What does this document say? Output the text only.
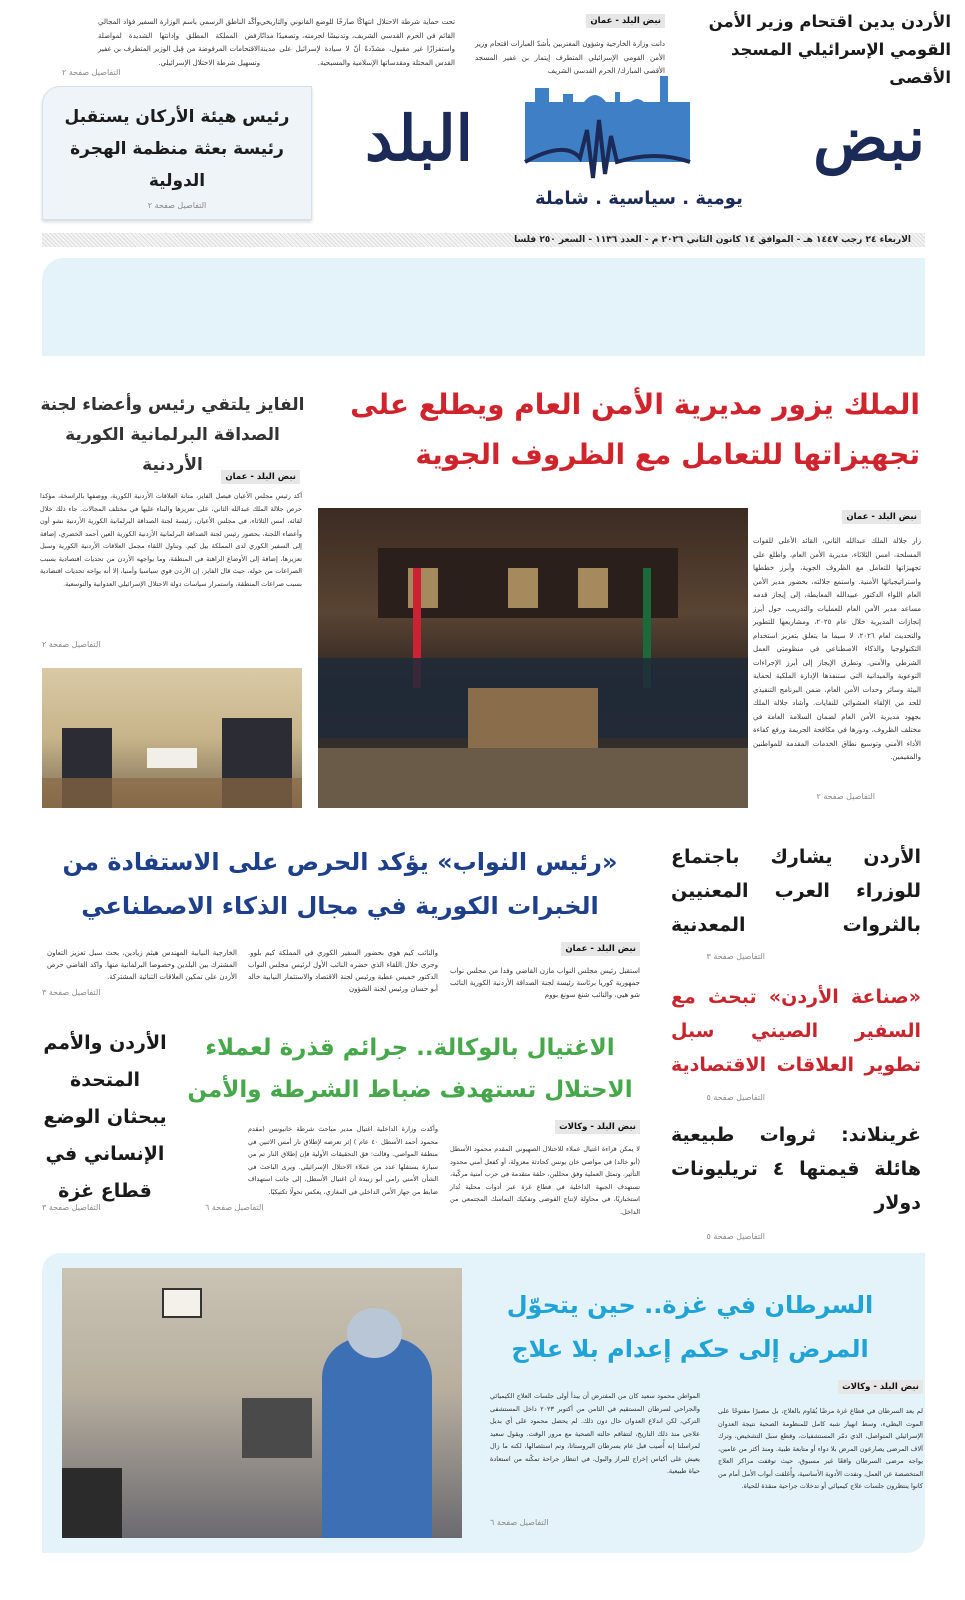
نبض
البلد
يومية . سياسية . شاملة
رئيس هيئة الأركان يستقبل رئيسة بعثة منظمة الهجرة الدولية
التفاصيل صفحة ٢
الاربعاء ٢٤ رجب ١٤٤٧ هـ - الموافق ١٤ كانون الثاني ٢٠٢٦ م - العدد ١١٣٦ - السعر ٢٥٠ فلسا
الأردن يدين اقتحام وزير الأمن القومي الإسرائيلي المسجد الأقصى
نبض البلد - عمان
دانت وزارة الخارجية وشؤون المغتربين بأشدّ العبارات اقتحام وزير الأمن القومي الإسرائيلي المتطرف إيتمار بن غفير المسجد الأقصى المبارك/ الحرم القدسي الشريف
تحت حماية شرطة الاحتلال انتهاكًا صارخًا للوضع القانوني والتاريخي القائم في الحرم القدسي الشريف، وتدنيسًا لحرمته، وتصعيدًا مدانًا واستفزازًا غير مقبول، مشدّدةً أنّ لا سيادة لإسرائيل على مدينة القدس المحتلة ومقدساتها الإسلامية والمسيحية.
وأكّد الناطق الرسمي باسم الوزارة السفير فؤاد المجالي رفض المملكة المطلق وإدانتها الشديدة لمواصلة الاقتحامات المرفوضة من قِبل الوزير المتطرف بن غفير وتسهيل شرطة الاحتلال الإسرائيلي.
التفاصيل صفحة ٢
الملك يزور مديرية الأمن العام ويطلع على تجهيزاتها للتعامل مع الظروف الجوية
نبض البلد - عمان
زار جلالة الملك عبدالله الثاني، القائد الأعلى للقوات المسلحة، امس الثلاثاء، مديرية الأمن العام، واطلع على تجهيزاتها للتعامل مع الظروف الجوية، وأبرز خططها واستراتيجياتها الأمنية. واستمع جلالته، بحضور مدير الأمن العام اللواء الدكتور عبيدالله المعايطة، إلى إيجاز قدمه مساعد مدير الأمن العام للعمليات والتدريب، حول أبرز إنجازات المديرية خلال عام ٢٠٢٥، ومشاريعها للتطوير والتحديث لعام ٢٠٢٦، لا سيما ما يتعلق بتعزيز استخدام التكنولوجيا والذكاء الاصطناعي في منظومتي العمل الشرطي والأمني. وتطرق الإيجاز إلى أبرز الإجراءات التوعوية والميدانية التي ستنفذها الإدارة الملكية لحماية البيئة وسائر وحدات الأمن العام، ضمن البرنامج التنفيذي للحد من الإلقاء العشوائي للنفايات. وأشاد جلالة الملك بجهود مديرية الأمن العام لضمان السلامة العامة في مختلف الظروف، ودورها في مكافحة الجريمة ورفع كفاءة الأداء الأمني وتوسيع نطاق الخدمات المقدمة للمواطنين والمقيمين.
التفاصيل صفحة ٢
الفايز يلتقي رئيس وأعضاء لجنة الصداقة البرلمانية الكورية الأردنية
نبض البلد - عمان
أكد رئيس مجلس الأعيان فيصل الفايز، متانة العلاقات الأردنية الكورية، ووصفها بالراسخة، مؤكدا حرص جلالة الملك عبدالله الثاني، على تعزيزها والبناء عليها في مختلف المجالات. جاء ذلك خلال لقائه، امس الثلاثاء، في مجلس الأعيان، رئيسة لجنة الصداقة البرلمانية الكورية الأردنية نشو أون وأعضاء اللجنة، بحضور رئيس لجنة الصداقة البرلمانية الأردنية الكورية العين أحمد الخضري، إضافة إلى السفير الكوري لدى المملكة بيل كيم. وتناول اللقاء مجمل العلاقات الأردنية الكورية وسبل تعزيزها، إضافة إلى الأوضاع الراهنة في المنطقة، وما يواجهه الأردن من تحديات اقتصادية بسبب الصراعات من حوله، حيث قال الفايز، إن الأردن قوي سياسيا وأمنيا، إلا أنه يواجه تحديات اقتصادية بسبب صراعات المنطقة، واستمرار سياسات دولة الاحتلال الإسرائيلي العدوانية والتوسعية.
التفاصيل صفحة ٢
«رئيس النواب» يؤكد الحرص على الاستفادة من الخبرات الكورية في مجال الذكاء الاصطناعي
نبض البلد - عمان
استقبل رئيس مجلس النواب مازن القاضي وفدا من مجلس نواب جمهورية كوريا برئاسة رئيسة لجنة الصداقة الأردنية الكورية النائب شو هيي، والنائب شنغ سونغ بووم
والنائب كيم هوي بحضور السفير الكوري في المملكة كيم بلوو. وجرى خلال اللقاء الذي حضره النائب الأول لرئيس مجلس النواب الدكتور خميس عطية ورئيس لجنة الاقتصاد والاستثمار النيابية خالد أبو حسان ورئيس لجنة الشؤون
الخارجية النيابية المهندس هيثم زيادين، بحث سبل تعزيز التعاون المشترك بين البلدين وخصوصا البرلمانية منها. واكد القاضي حرص الأردن على تمكين العلاقات الثنائية المشتركة.
التفاصيل صفحة ٣
الأردن يشارك باجتماع للوزراء العرب المعنيين بالثروات المعدنية
التفاصيل صفحة ٣
«صناعة الأردن» تبحث مع السفير الصيني سبل تطوير العلاقات الاقتصادية
التفاصيل صفحة ٥
غرينلاند: ثروات طبيعية هائلة قيمتها ٤ تريليونات دولار
التفاصيل صفحة ٥
الاغتيال بالوكالة.. جرائم قذرة لعملاء الاحتلال تستهدف ضباط الشرطة والأمن
نبض البلد - وكالات
لا يمكن قراءة اغتيال عملاء للاحتلال الصهيوني المقدم محمود الأسطل (أبو خالد) في مواصي خان يونس كحادثة معزولة، أو كفعل أمني محدود التأثير. وتمثل العملية وفق محللين، حلقة متقدمة في حرب أمنية مركّبة، تستهدف الجبهة الداخلية في قطاع غزة عبر أدوات محلية تُدار استخباريًا، في محاولة لإنتاج الفوضى وتفكيك التماسك المجتمعي من الداخل.
وأكدت وزارة الداخلية اغتيال مدير مباحث شرطة خانيونس (مقدم محمود أحمد الأسطل ٤٠ عام ) إثر تعرضه لإطلاق نار أمس الاثنين في منطقة المواصي. وقالت: فق التحقيقات الأولية فإن إطلاق النار تم من سيارة يستقلها عدد من عملاء الاحتلال الإسرائيلي. ويرى الباحث في الشأن الأمني رامي أبو زبيدة أن اغتيال الأسطل، إلى جانب استهداف ضابط من جهاز الأمن الداخلي في المغازي، يعكس تحولًا تكتيكيًا.
التفاصيل صفحة ٦
الأردن والأمم المتحدة يبحثان الوضع الإنساني في قطاع غزة
التفاصيل صفحة ٣
السرطان في غزة.. حين يتحوّل المرض إلى حكم إعدام بلا علاج
نبض البلد - وكالات
لم يعد السرطان في قطاع غزة مرضًا يُقاوم بالعلاج، بل مصيرًا مفتوحًا على الموت البطيء، وسط انهيار شبه كامل للمنظومة الصحية نتيجة العدوان الإسرائيلي المتواصل، الذي دمّر المستشفيات، وقطع سبل التشخيص، وترك آلاف المرضى يصارعون المرض بلا دواء أو متابعة طبية. ومنذ أكثر من عامين، يواجه مرضى السرطان واقعًا غير مسبوق، حيث توقفت مراكز العلاج المتخصصة عن العمل، ونفدت الأدوية الأساسية، وأُغلقت أبواب الأمل أمام من كانوا ينتظرون جلسات علاج كيميائي أو تدخلات جراحية منقذة للحياة.
المواطن محمود سعيد كان من المفترض أن يبدأ أولى جلسات العلاج الكيميائي والجراحي لسرطان المستقيم في الثامن من أكتوبر ٢٠٢٣ داخل المستشفى التركي، لكن اندلاع العدوان حال دون ذلك. لم يحصل محمود على أي بديل علاجي منذ ذلك التاريخ، لتتفاقم حالته الصحية مع مرور الوقت. ويقول سعيد لمراسلنا إنه أُصيب قبل عام بسرطان البروستاتا، وتم استئصالها، لكنه ما زال يعيش على أكياس إخراج للبراز والبول، في انتظار جراحة تمكّنه من استعادة حياة طبيعية.
التفاصيل صفحة ٦
